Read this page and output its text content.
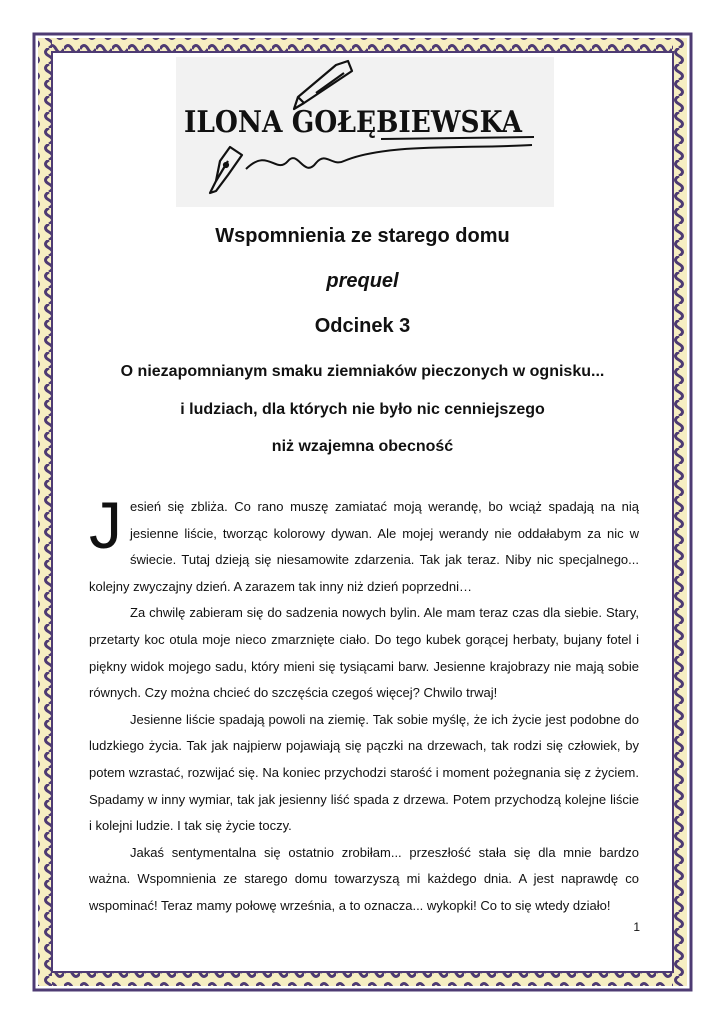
ILONA GOŁĘBIEWSKA
Wspomnienia ze starego domu
prequel
Odcinek 3
O niezapomnianym smaku ziemniaków pieczonych w ognisku...
i ludziach, dla których nie było nic cenniejszego
niż wzajemna obecność

Jesień się zbliża. Co rano muszę zamiatać moją werandę, bo wciąż spadają na nią jesienne liście, tworząc kolorowy dywan. Ale mojej werandy nie oddałabym za nic w świecie. Tutaj dzieją się niesamowite zdarzenia. Tak jak teraz. Niby nic specjalnego... kolejny zwyczajny dzień. A zarazem tak inny niż dzień poprzedni…

Za chwilę zabieram się do sadzenia nowych bylin. Ale mam teraz czas dla siebie. Stary, przetarty koc otula moje nieco zmarznięte ciało. Do tego kubek gorącej herbaty, bujany fotel i piękny widok mojego sadu, który mieni się tysiącami barw. Jesienne krajobrazy nie mają sobie równych. Czy można chcieć do szczęścia czegoś więcej? Chwilo trwaj!

Jesienne liście spadają powoli na ziemię. Tak sobie myślę, że ich życie jest podobne do ludzkiego życia. Tak jak najpierw pojawiają się pączki na drzewach, tak rodzi się człowiek, by potem wzrastać, rozwijać się. Na koniec przychodzi starość i moment pożegnania się z życiem. Spadamy w inny wymiar, tak jak jesienny liść spada z drzewa. Potem przychodzą kolejne liście i kolejni ludzie. I tak się życie toczy.

Jakaś sentymentalna się ostatnio zrobiłam... przeszłość stała się dla mnie bardzo ważna. Wspomnienia ze starego domu towarzyszą mi każdego dnia. A jest naprawdę co wspominać! Teraz mamy połowę września, a to oznacza... wykopki! Co to się wtedy działo!

1
